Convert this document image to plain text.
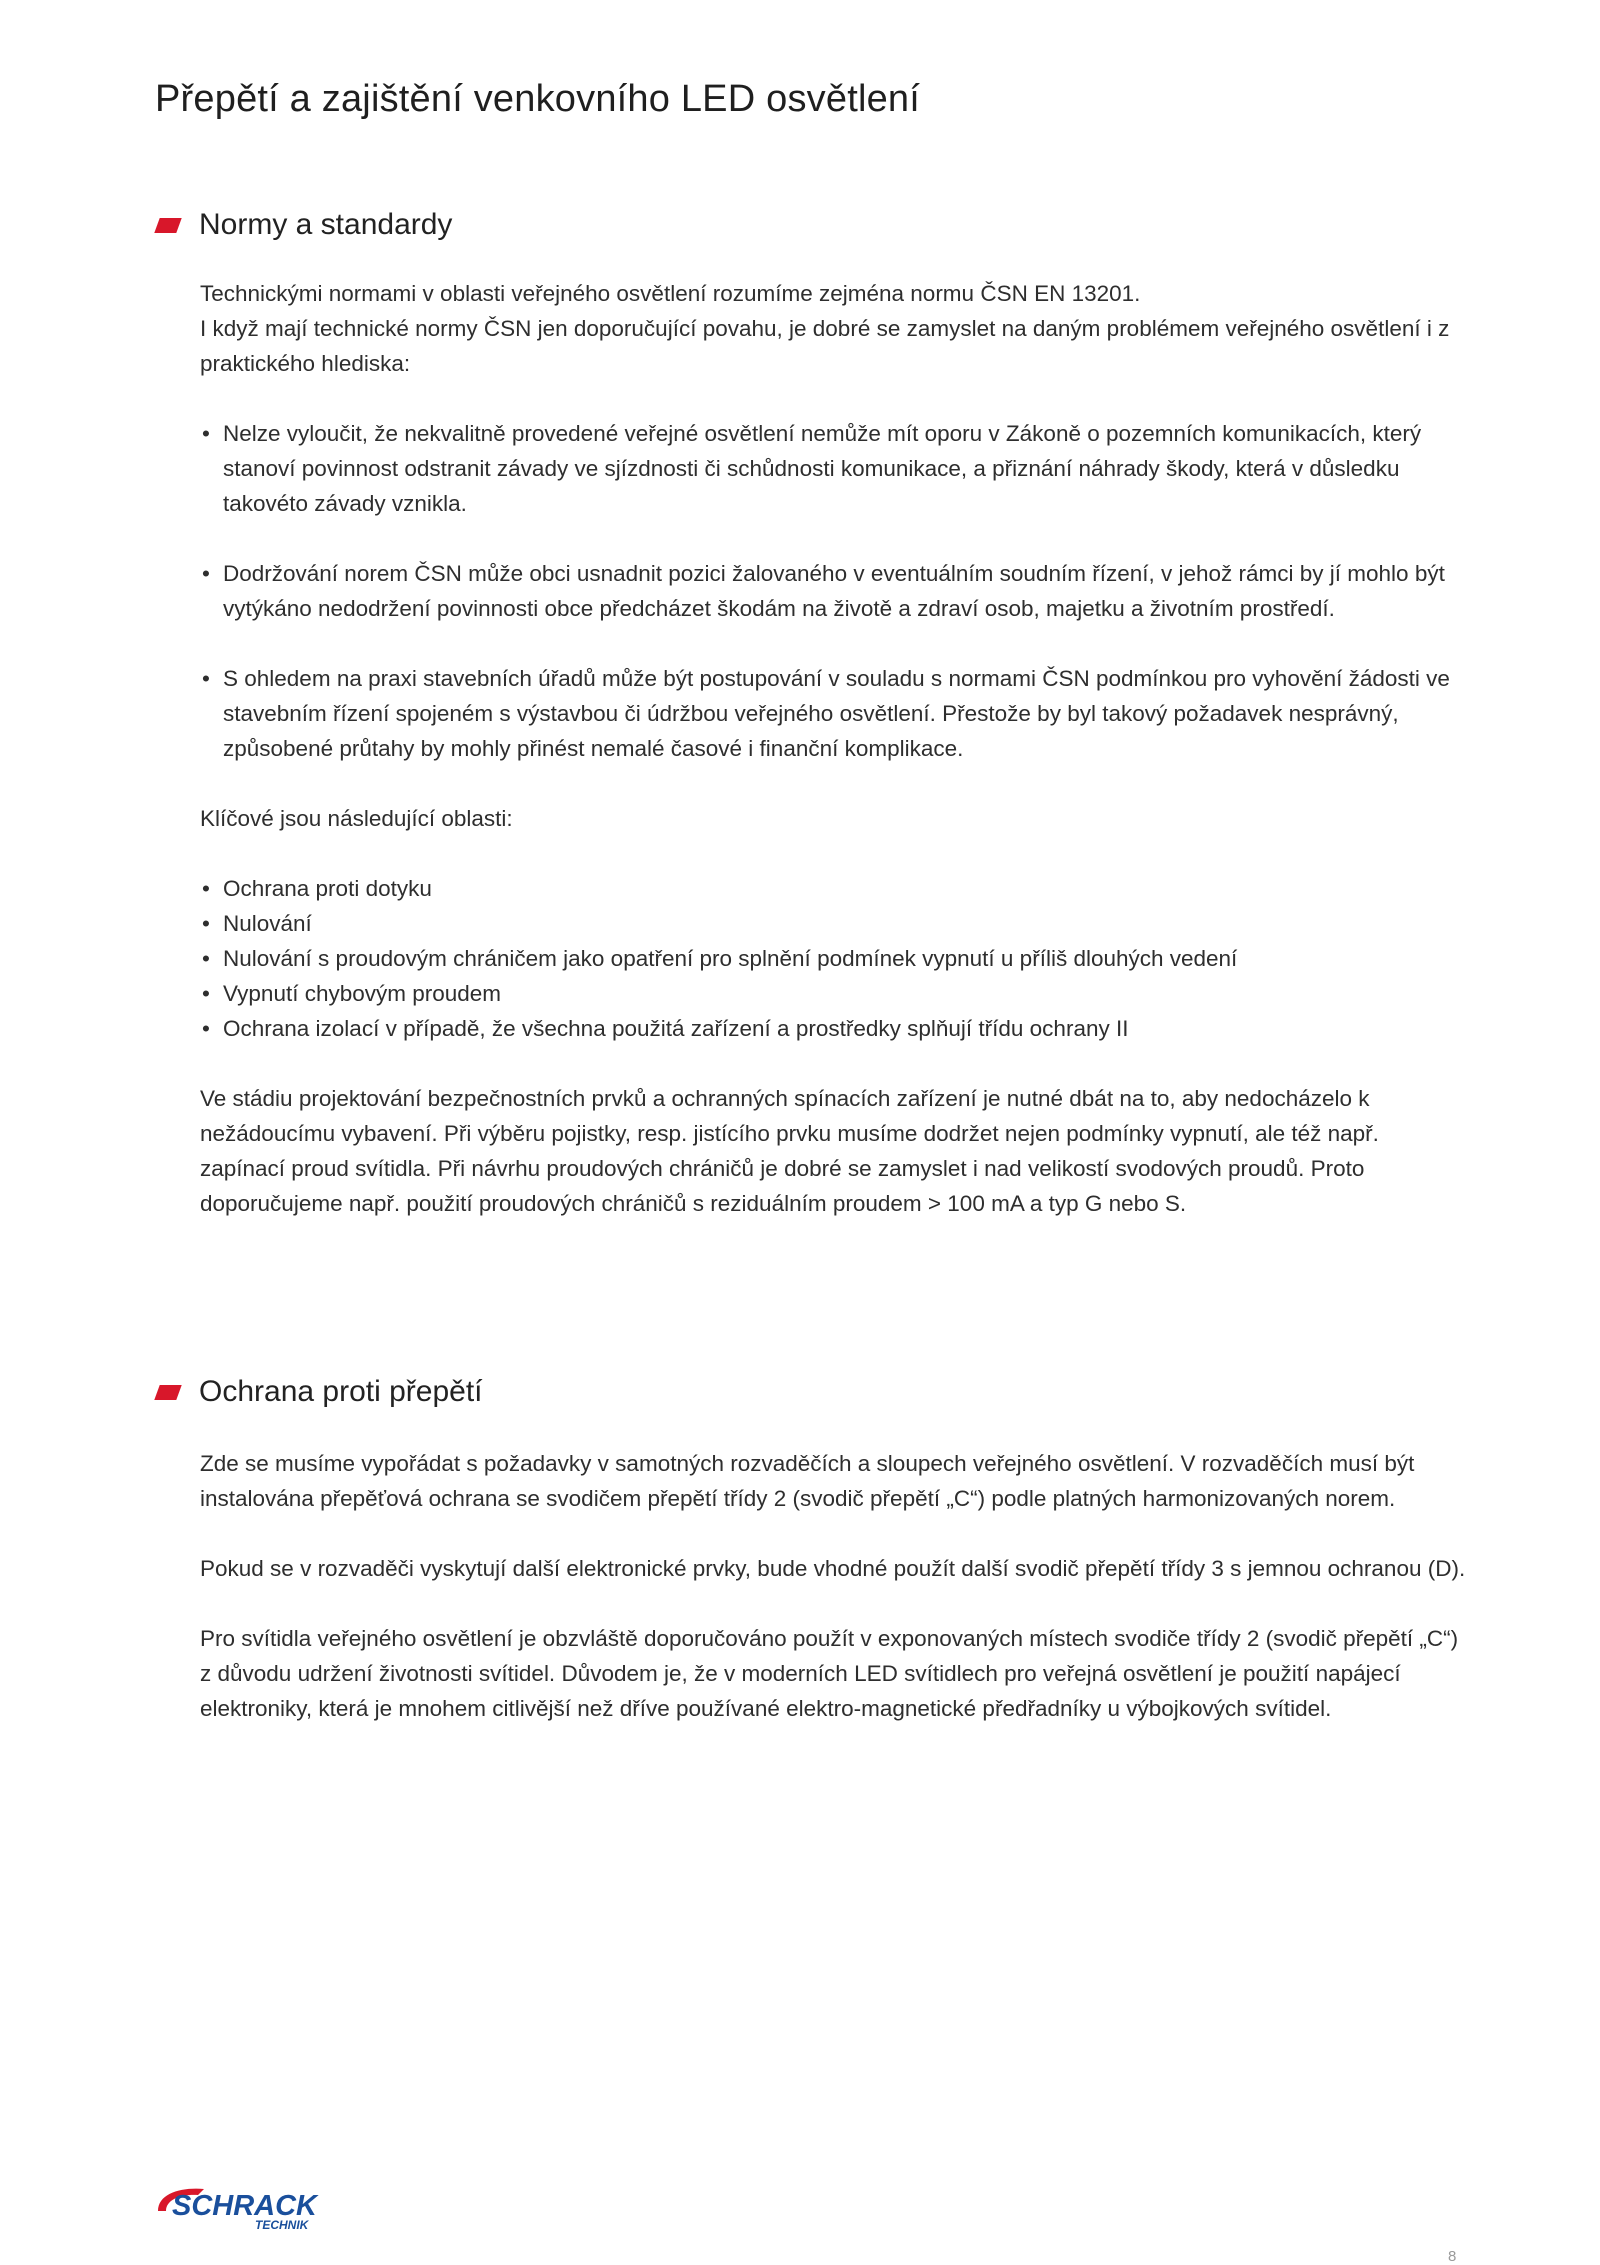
Přepětí a zajištění venkovního LED osvětlení
Normy a standardy

Technickými normami v oblasti veřejného osvětlení rozumíme zejména normu ČSN EN 13201.

I když mají technické normy ČSN jen doporučující povahu, je dobré se zamyslet na daným problémem veřejného osvětlení i z praktického hlediska:

• Nelze vyloučit, že nekvalitně provedené veřejné osvětlení nemůže mít oporu v Zákoně o pozemních komunikacích, který stanoví povinnost odstranit závady ve sjízdnosti či schůdnosti komunikace, a přiznání náhrady škody, která v důsledku takovéto závady vznikla.
• Dodržování norem ČSN může obci usnadnit pozici žalovaného v eventuálním soudním řízení, v jehož rámci by jí mohlo být vytýkáno nedodržení povinnosti obce předcházet škodám na životě a zdraví osob, majetku a životním prostředí.
• S ohledem na praxi stavebních úřadů může být postupování v souladu s normami ČSN podmínkou pro vyhovění žádosti ve stavebním řízení spojeném s výstavbou či údržbou veřejného osvětlení. Přestože by byl takový požadavek nesprávný, způsobené průtahy by mohly přinést nemalé časové i finanční komplikace.

Klíčové jsou následující oblasti:

• Ochrana proti dotyku
• Nulování
• Nulování s proudovým chráničem jako opatření pro splnění podmínek vypnutí u příliš dlouhých vedení
• Vypnutí chybovým proudem
• Ochrana izolací v případě, že všechna použitá zařízení a prostředky splňují třídu ochrany II

Ve stádiu projektování bezpečnostních prvků a ochranných spínacích zařízení je nutné dbát na to, aby nedocházelo k nežádoucímu vybavení. Při výběru pojistky, resp. jistícího prvku musíme dodržet nejen podmínky vypnutí, ale též např. zapínací proud svítidla. Při návrhu proudových chráničů je dobré se zamyslet i nad velikostí svodových proudů. Proto doporučujeme např. použití proudových chráničů s reziduálním proudem > 100 mA a typ G nebo S.

Ochrana proti přepětí

Zde se musíme vypořádat s požadavky v samotných rozvaděčích a sloupech veřejného osvětlení. V rozvaděčích musí být instalována přepěťová ochrana se svodičem přepětí třídy 2 (svodič přepětí „C“) podle platných harmonizovaných norem.

Pokud se v rozvaděči vyskytují další elektronické prvky, bude vhodné použít další svodič přepětí třídy 3 s jemnou ochranou (D).

Pro svítidla veřejného osvětlení je obzvláště doporučováno použít v exponovaných místech svodiče třídy 2 (svodič přepětí „C“) z důvodu udržení životnosti svítidel. Důvodem je, že v moderních LED svítidlech pro veřejná osvětlení je použití napájecí elektroniky, která je mnohem citlivější než dříve používané elektro-magnetické předřadníky u výbojkových svítidel.

SCHRACK
TECHNIK
8
